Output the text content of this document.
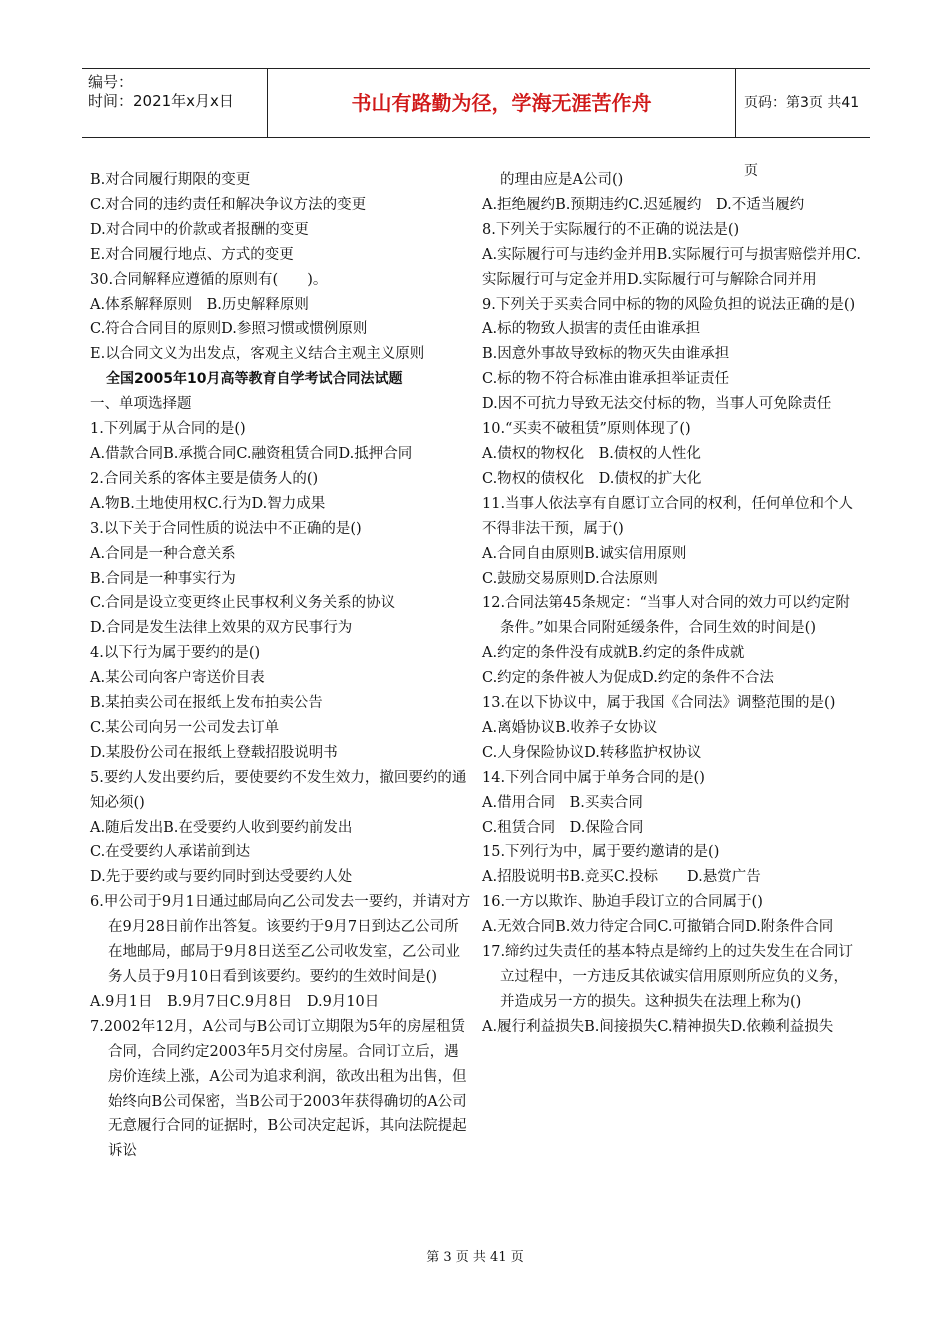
编号：
时间：2021年x月x日	书山有路勤为径，学海无涯苦作舟	页码：第3页 共41页

B.对合同履行期限的变更

C.对合同的违约责任和解决争议方法的变更

D.对合同中的价款或者报酬的变更

E.对合同履行地点、方式的变更

30.合同解释应遵循的原则有(　　)。

A.体系解释原则　B.历史解释原则

C.符合合同目的原则D.参照习惯或惯例原则

E.以合同文义为出发点，客观主义结合主观主义原则

全国2005年10月高等教育自学考试合同法试题

一、单项选择题

1.下列属于从合同的是()

A.借款合同B.承揽合同C.融资租赁合同D.抵押合同

2.合同关系的客体主要是债务人的()

A.物B.土地使用权C.行为D.智力成果

3.以下关于合同性质的说法中不正确的是()

A.合同是一种合意关系

B.合同是一种事实行为

C.合同是设立变更终止民事权利义务关系的协议

D.合同是发生法律上效果的双方民事行为

4.以下行为属于要约的是()

A.某公司向客户寄送价目表

B.某拍卖公司在报纸上发布拍卖公告

C.某公司向另一公司发去订单

D.某股份公司在报纸上登载招股说明书

5.要约人发出要约后，要使要约不发生效力，撤回要约的通知必须()

A.随后发出B.在受要约人收到要约前发出

C.在受要约人承诺前到达

D.先于要约或与要约同时到达受要约人处

6.甲公司于9月1日通过邮局向乙公司发去一要约，并请对方在9月28日前作出答复。该要约于9月7日到达乙公司所在地邮局，邮局于9月8日送至乙公司收发室，乙公司业务人员于9月10日看到该要约。要约的生效时间是()

A.9月1日　B.9月7日C.9月8日　D.9月10日

7.2002年12月，A公司与B公司订立期限为5年的房屋租赁合同，合同约定2003年5月交付房屋。合同订立后，遇房价连续上涨，A公司为追求利润，欲改出租为出售，但始终向B公司保密，当B公司于2003年获得确切的A公司无意履行合同的证据时，B公司决定起诉，其向法院提起诉讼

的理由应是A公司()

A.拒绝履约B.预期违约C.迟延履约　D.不适当履约

8.下列关于实际履行的不正确的说法是()

A.实际履行可与违约金并用B.实际履行可与损害赔偿并用C.实际履行可与定金并用D.实际履行可与解除合同并用

9.下列关于买卖合同中标的物的风险负担的说法正确的是()

A.标的物致人损害的责任由谁承担

B.因意外事故导致标的物灭失由谁承担

C.标的物不符合标准由谁承担举证责任

D.因不可抗力导致无法交付标的物，当事人可免除责任

10.“买卖不破租赁”原则体现了()

A.债权的物权化　B.债权的人性化

C.物权的债权化　D.债权的扩大化

11.当事人依法享有自愿订立合同的权利，任何单位和个人不得非法干预，属于()

A.合同自由原则B.诚实信用原则

C.鼓励交易原则D.合法原则

12.合同法第45条规定：“当事人对合同的效力可以约定附条件。”如果合同附延缓条件，合同生效的时间是()

A.约定的条件没有成就B.约定的条件成就

C.约定的条件被人为促成D.约定的条件不合法

13.在以下协议中，属于我国《合同法》调整范围的是()

A.离婚协议B.收养子女协议

C.人身保险协议D.转移监护权协议

14.下列合同中属于单务合同的是()

A.借用合同　B.买卖合同

C.租赁合同　D.保险合同

15.下列行为中，属于要约邀请的是()

A.招股说明书B.竞买C.投标　　D.悬赏广告

16.一方以欺诈、胁迫手段订立的合同属于()

A.无效合同B.效力待定合同C.可撤销合同D.附条件合同

17.缔约过失责任的基本特点是缔约上的过失发生在合同订立过程中，一方违反其依诚实信用原则所应负的义务，并造成另一方的损失。这种损失在法理上称为()

A.履行利益损失B.间接损失C.精神损失D.依赖利益损失

第 3 页 共 41 页
